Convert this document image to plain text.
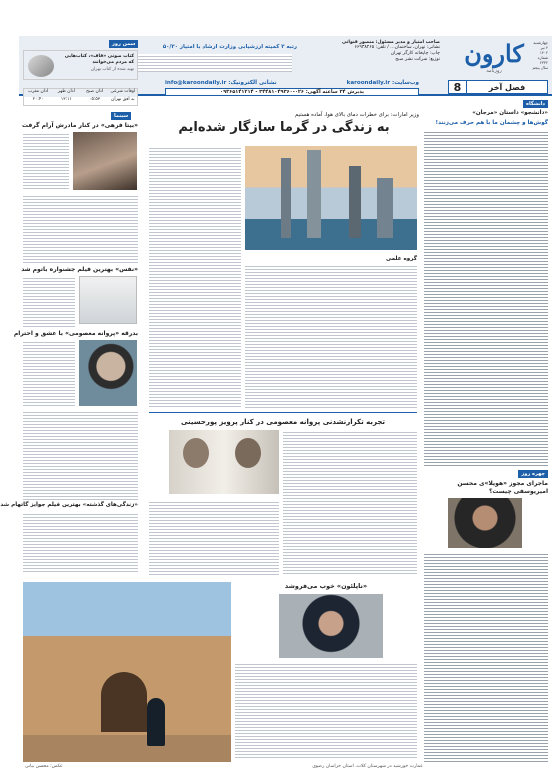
کارون
روزنامه
چهارشنبه
۴ تیر ۱۴۰۲
شماره ۲۳۳۲
سال پنجم
فصل آخر
8
صاحب امتیاز و مدیر مسئول: منصور قنواتی
نشانی: تهران، ساختمان... / تلفن: ۶۶۹۳۸۲۶۵
چاپ: چاپخانه کارگر تهران
توزیع: شرکت نشر صبح
رتبه ۲ کمیته ارزشیابی وزارت ارشاد با امتیاز ۵۰/۲۰
وب‌سایت: karoondaily.ir
نشانی الکترونیک: info@karoondaily.ir
پذیرش ۲۴ ساعته آگهی: ۰۲۶-۳۴۴۸۱۰۴۹۳۶۰ - ۰۹۳۶۵۱۴۱۲۱۴
سمن روز
کتاب صوتی «قاف»، کتاب‌هایی که مردم می‌خوانند
تهیه شده از کتاب تهران
اوقات شرعی
اذان صبح
اذان ظهر
اذان مغرب
به افق تهران
۰۵:۵۳
۱۳:۱۱
۲۰:۴۰
سینما
«بیتا فرهی» در کنار مادرش آرام گرفت
«نفس» بهترین فیلم جشنواره باتوم شد
بدرقه «پروانه معصومی» با عشق و احترام
«زندگی‌های گذشته» بهترین فیلم جوایز گاتهام شد
عکس: محسن بیانی	عمارت خورشید در شهرستان کلات، استان خراسان رضوی
دانشگاه
«دانشجو» داستان «مرجان»
گوش‌ها و چشمان ما با هم حرف می‌زنند!
چهره روز
ماجرای مجوز «هویلا»ی محسن امیریوسفی چیست؟
وزیر امارات: برای خطرات دمای بالای هوا، آماده هستیم
به زندگی در گرما سازگار شده‌ایم
گروه علمی
تجربه تکرارنشدنی پروانه معصومی در کنار پرویز پورحسینی
«ناپلئون» خوب می‌فروشد
